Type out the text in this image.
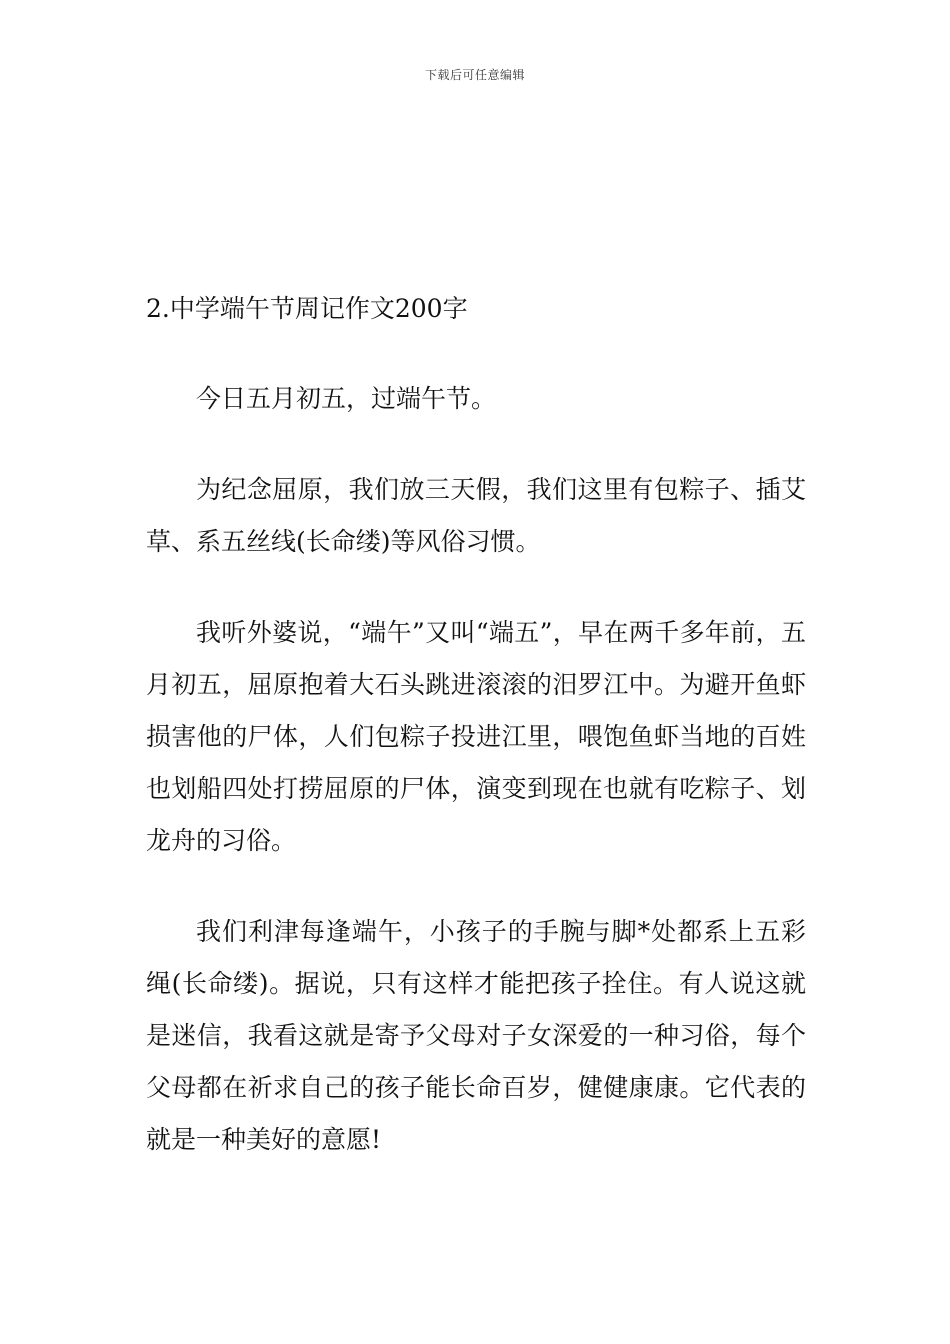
下载后可任意编辑

2.中学端午节周记作文200字

今日五月初五，过端午节。

为纪念屈原，我们放三天假，我们这里有包粽子、插艾草、系五丝线(长命缕)等风俗习惯。

我听外婆说，“端午”又叫“端五”，早在两千多年前，五月初五，屈原抱着大石头跳进滚滚的汨罗江中。为避开鱼虾损害他的尸体，人们包粽子投进江里，喂饱鱼虾当地的百姓也划船四处打捞屈原的尸体，演变到现在也就有吃粽子、划龙舟的习俗。

我们利津每逢端午，小孩子的手腕与脚*处都系上五彩绳(长命缕)。据说，只有这样才能把孩子拴住。有人说这就是迷信，我看这就是寄予父母对子女深爱的一种习俗，每个父母都在祈求自己的孩子能长命百岁，健健康康。它代表的就是一种美好的意愿!
